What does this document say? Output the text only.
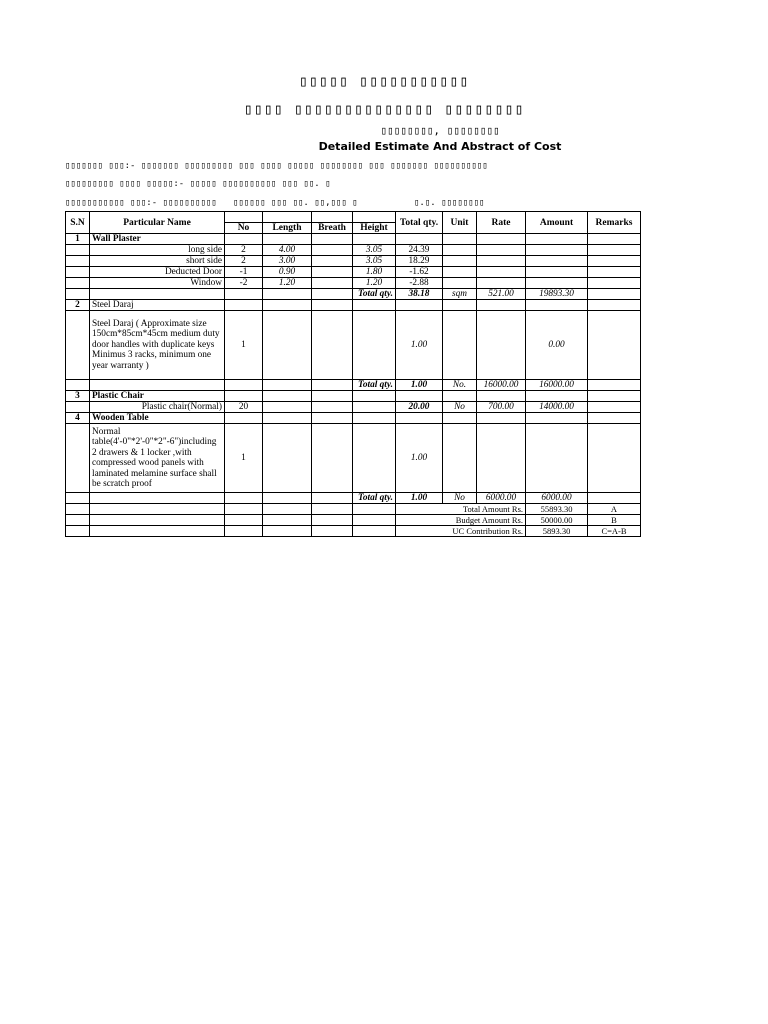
▯▯▯▯▯ ▯▯▯▯▯▯▯▯▯▯▯
▯▯▯▯ ▯▯▯▯▯▯▯▯▯▯▯▯▯▯ ▯▯▯▯▯▯▯▯
▯▯▯▯▯▯▯▯, ▯▯▯▯▯▯▯▯
Detailed Estimate And Abstract of Cost
▯▯▯▯▯▯▯ ▯▯▯:- ▯▯▯▯▯▯▯ ▯▯▯▯▯▯▯▯▯ ▯▯▯ ▯▯▯▯ ▯▯▯▯▯ ▯▯▯▯▯▯▯▯ ▯▯▯ ▯▯▯▯▯▯▯ ▯▯▯▯▯▯▯▯▯▯
▯▯▯▯▯▯▯▯▯ ▯▯▯▯ ▯▯▯▯▯:- ▯▯▯▯▯ ▯▯▯▯▯▯▯▯▯▯ ▯▯▯ ▯▯. ▯
▯▯▯▯▯▯▯▯▯▯▯ ▯▯▯:- ▯▯▯▯▯▯▯▯▯▯   ▯▯▯▯▯▯ ▯▯▯ ▯▯. ▯▯,▯▯▯ ▯	▯.▯. ▯▯▯▯▯▯▯▯
S.N	Particular Name					Total qty.	Unit	Rate	Amount	Remarks
		No	Length	Breath	Height					
1	Wall Plaster									
	long side	2	4.00		3.05	24.39				
	short side	2	3.00		3.05	18.29				
	Deducted Door	-1	0.90		1.80	-1.62				
	Window	-2	1.20		1.20	-2.88				
					Total qty.	38.18	sqm	521.00	19893.30	
2	Steel Daraj									
	Steel Daraj ( Approximate size 150cm*85cm*45cm medium duty door handles with duplicate keys Minimus 3 racks, minimum one year warranty )	1				1.00			0.00	
					Total qty.	1.00	No.	16000.00	16000.00	
3	Plastic Chair									
	Plastic chair(Normal)	20				20.00	No	700.00	14000.00	
4	Wooden Table									
	Normal table(4'-0"*2'-0"*2"-6")including 2 drawers & 1 locker ,with compressed wood panels with laminated melamine surface shall be scratch proof	1				1.00				
					Total qty.	1.00	No	6000.00	6000.00	
						Total Amount Rs.			55893.30	A
						Budget Amount Rs.			50000.00	B
						UC Contribution Rs.			5893.30	C=A-B
